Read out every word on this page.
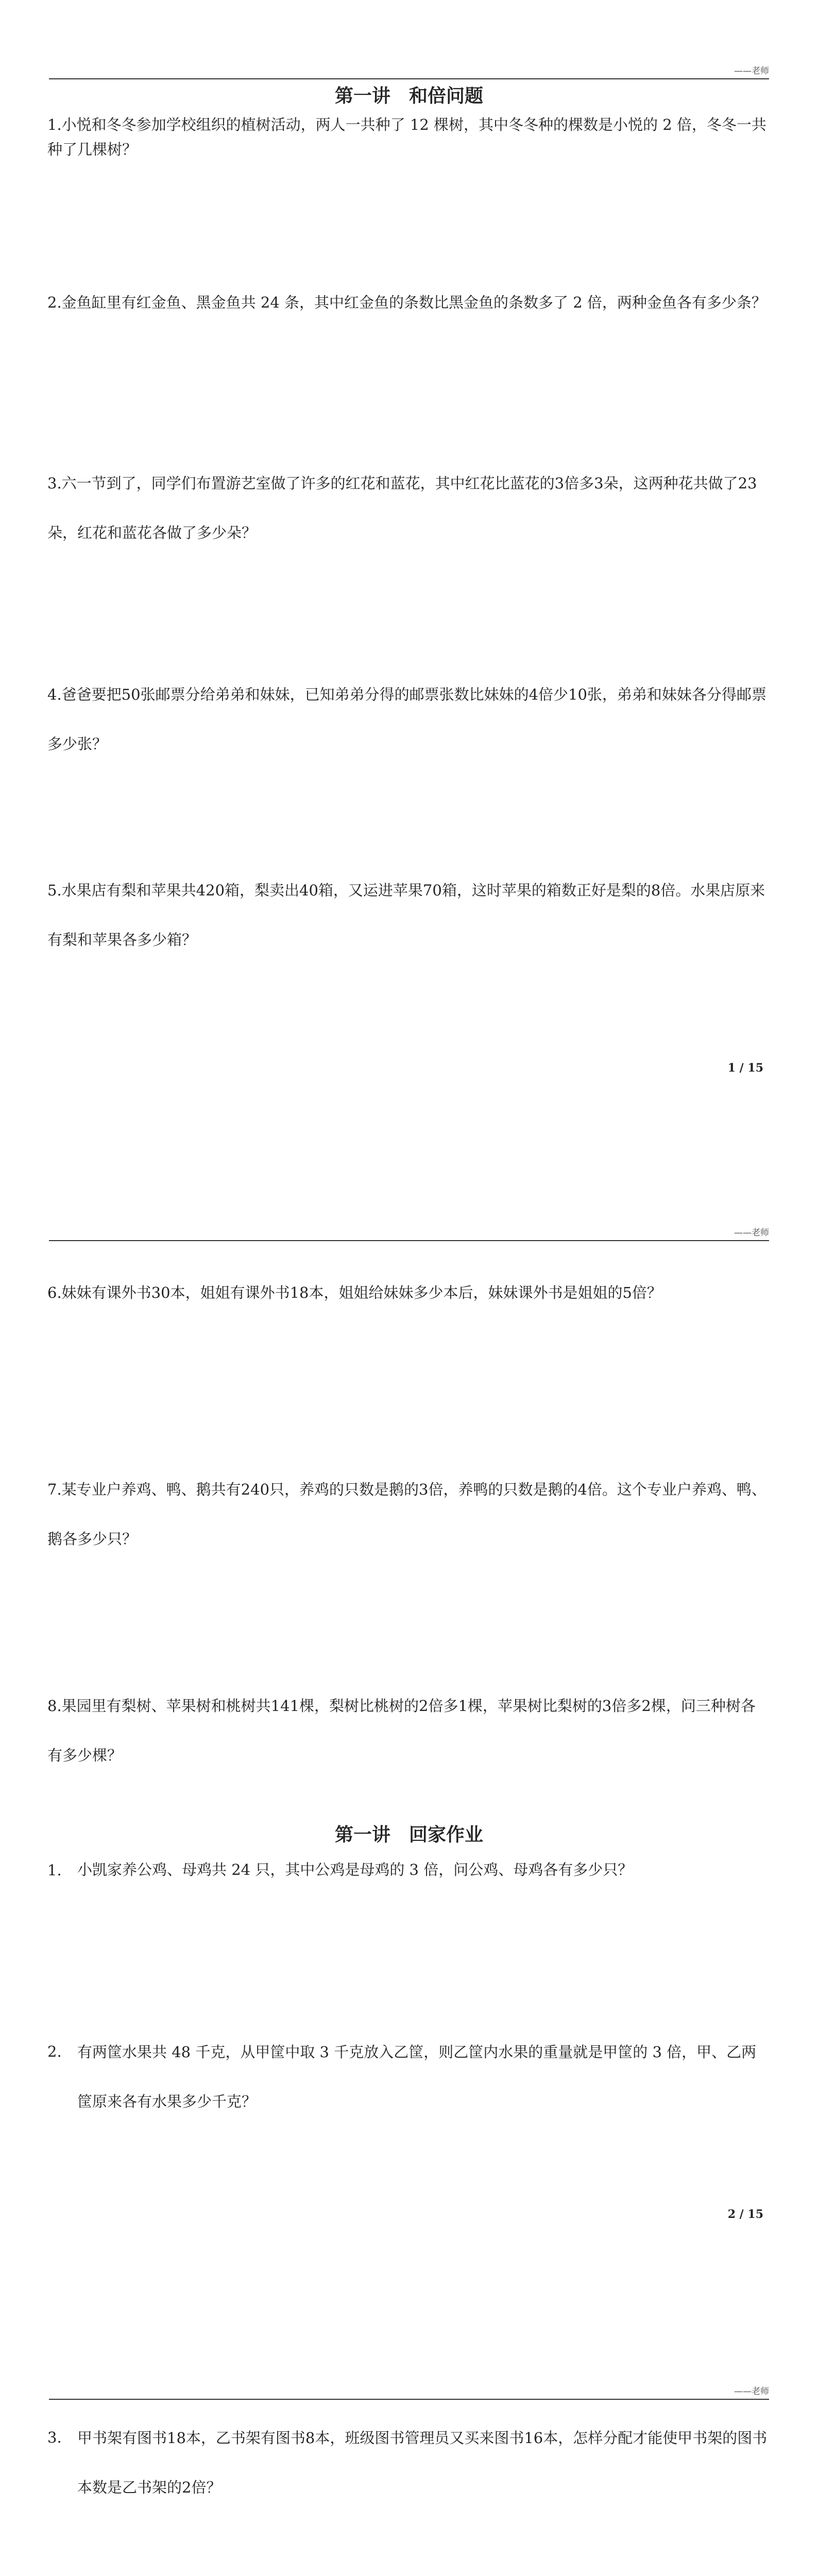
——老师
第一讲　和倍问题
1.小悦和冬冬参加学校组织的植树活动，两人一共种了 12 棵树，其中冬冬种的棵数是小悦的 2 倍，冬冬一共种了几棵树？
2.金鱼缸里有红金鱼、黑金鱼共 24 条，其中红金鱼的条数比黑金鱼的条数多了 2 倍，两种金鱼各有多少条？
3.六一节到了，同学们布置游艺室做了许多的红花和蓝花，其中红花比蓝花的3倍多3朵，这两种花共做了23朵，红花和蓝花各做了多少朵？
4.爸爸要把50张邮票分给弟弟和妹妹，已知弟弟分得的邮票张数比妹妹的4倍少10张，弟弟和妹妹各分得邮票多少张？
5.水果店有梨和苹果共420箱，梨卖出40箱，又运进苹果70箱，这时苹果的箱数正好是梨的8倍。水果店原来有梨和苹果各多少箱？
1 / 15
——老师
6.妹妹有课外书30本，姐姐有课外书18本，姐姐给妹妹多少本后，妹妹课外书是姐姐的5倍？
7.某专业户养鸡、鸭、鹅共有240只，养鸡的只数是鹅的3倍，养鸭的只数是鹅的4倍。这个专业户养鸡、鸭、鹅各多少只？
8.果园里有梨树、苹果树和桃树共141棵，梨树比桃树的2倍多1棵，苹果树比梨树的3倍多2棵，问三种树各有多少棵？
第一讲　回家作业
1. 小凯家养公鸡、母鸡共 24 只，其中公鸡是母鸡的 3 倍，问公鸡、母鸡各有多少只？
2. 有两筐水果共 48 千克，从甲筐中取 3 千克放入乙筐，则乙筐内水果的重量就是甲筐的 3 倍，甲、乙两筐原来各有水果多少千克？
2 / 15
——老师
3. 甲书架有图书18本，乙书架有图书8本，班级图书管理员又买来图书16本，怎样分配才能使甲书架的图书本数是乙书架的2倍？
